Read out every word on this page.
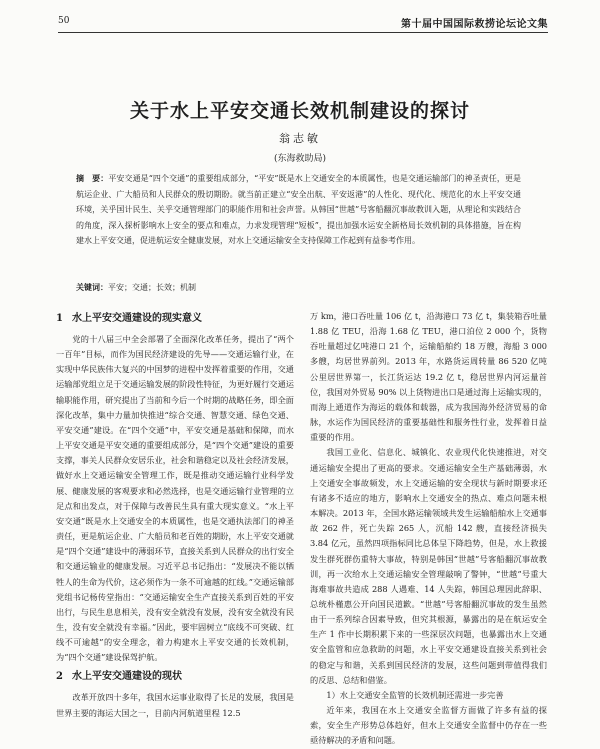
50	第十届中国国际救捞论坛论文集
关于水上平安交通长效机制建设的探讨
翁志敏
(东海救助局)
摘　要：平安交通是“四个交通”的重要组成部分，“平安”既是水上交通安全的本质属性，也是交通运输部门的神圣责任，更是航运企业、广大船员和人民群众的殷切期盼。就当前正建立“安全出航、平安返港”的人性化、现代化、规范化的水上平安交通环境，关乎国计民生、关乎交通管理部门的职能作用和社会声誉。从韩国“世越”号客船翻沉事故教训入题，从理论和实践结合的角度，深入探析影响水上安全的要点和难点，力求发现管理“短板”，提出加强水运安全新格局长效机制的具体措施，旨在构建水上平安交通，促进航运安全健康发展，对水上交通运输安全支持保障工作起到有益参考作用。
关键词：平安；交通；长效；机制
1 水上平安交通建设的现实意义

党的十八届三中全会部署了全面深化改革任务，提出了“两个一百年”目标，而作为国民经济建设的先导——交通运输行业，在实现中华民族伟大复兴的中国梦的进程中发挥着重要的作用，交通运输部党组立足于交通运输发展的阶段性特征，为更好履行交通运输职能作用，研究提出了当前和今后一个时期的战略任务，即全面深化改革，集中力量加快推进“综合交通、智慧交通、绿色交通、平安交通”建设。在“四个交通”中，平安交通是基础和保障，而水上平安交通是平安交通的重要组成部分，是“四个交通”建设的重要支撑，事关人民群众安居乐业，社会和谐稳定以及社会经济发展，做好水上交通运输安全管理工作，既是推动交通运输行业科学发展、健康发展的客观要求和必然选择，也是交通运输行业管理的立足点和出发点，对于保障与改善民生具有重大现实意义。“水上平安交通”既是水上交通安全的本质属性，也是交通执法部门的神圣责任，更是航运企业、广大船员和老百姓的期盼，水上平安交通就是“四个交通”建设中的薄弱环节，直接关系到人民群众的出行安全和交通运输业的健康发展。习近平总书记指出：“发展决不能以牺牲人的生命为代价，这必须作为一条不可逾越的红线。”交通运输部党组书记杨传堂指出：“交通运输安全生产直接关系到百姓的平安出行，与民生息息相关，没有安全就没有发展，没有安全就没有民生，没有安全就没有幸福。”因此，要牢固树立“底线不可突破、红线不可逾越”的安全理念，着力构建水上平安交通的长效机制，为“四个交通”建设保驾护航。

2 水上平安交通建设的现状

改革开放四十多年，我国水运事业取得了长足的发展，我国是世界主要的海运大国之一，目前内河航道里程 12.5

万 km，港口吞吐量 106 亿 t，沿海港口 73 亿 t，集装箱吞吐量 1.88 亿 TEU，沿海 1.68 亿 TEU，港口泊位 2 000 个，货物吞吐量超过亿吨港口 21 个，运输船舶约 18 万艘，海船 3 000 多艘，均居世界前列。2013 年，水路货运周转量 86 520 亿吨公里居世界第一，长江货运达 19.2 亿 t，稳居世界内河运量首位，我国对外贸易 90% 以上货物进出口是通过海上运输实现的，而海上通道作为海运的载体和载器，成为我国海外经济贸易的命脉，水运作为国民经济的重要基础性和服务性行业，发挥着日益重要的作用。

我国工业化、信息化、城镇化、农业现代化快速推进，对交通运输安全提出了更高的要求。交通运输安全生产基础薄弱，水上交通安全事故频发，水上交通运输的安全现状与新时期要求还有诸多不适应的地方，影响水上交通安全的热点、难点问题未根本解决。2013 年，全国水路运输领域共发生运输船舶水上交通事故 262 件，死亡失踪 265 人，沉船 142 艘，直接经济损失 3.84 亿元，虽然四项指标同比总体呈下降趋势，但是，水上救援发生群死群伤重特大事故，特别是韩国“世越”号客船翻沉事故教训，再一次给水上交通运输安全管理敲响了警钟，“世越”号重大海难事故共造成 288 人遇难、14 人失踪，韩国总理因此辞职、总统朴槿惠公开向国民道歉。“世越”号客船翻沉事故的发生虽然由于一系列综合因素导致，但究其根源，暴露出的是在航运安全生产 1 作中长期积累下来的一些深层次问题，也暴露出水上交通安全监管和应急救助的问题，水上平安交通建设直接关系到社会的稳定与和谐，关系到国民经济的发展，这些问题到带值得我们的反思、总结和借鉴。

1）水上交通安全监管的长效机制还需进一步完善

近年来，我国在水上交通安全监督方面做了许多有益的探索，安全生产形势总体趋好，但水上交通安全监督中仍存在一些亟待解决的矛盾和问题。
